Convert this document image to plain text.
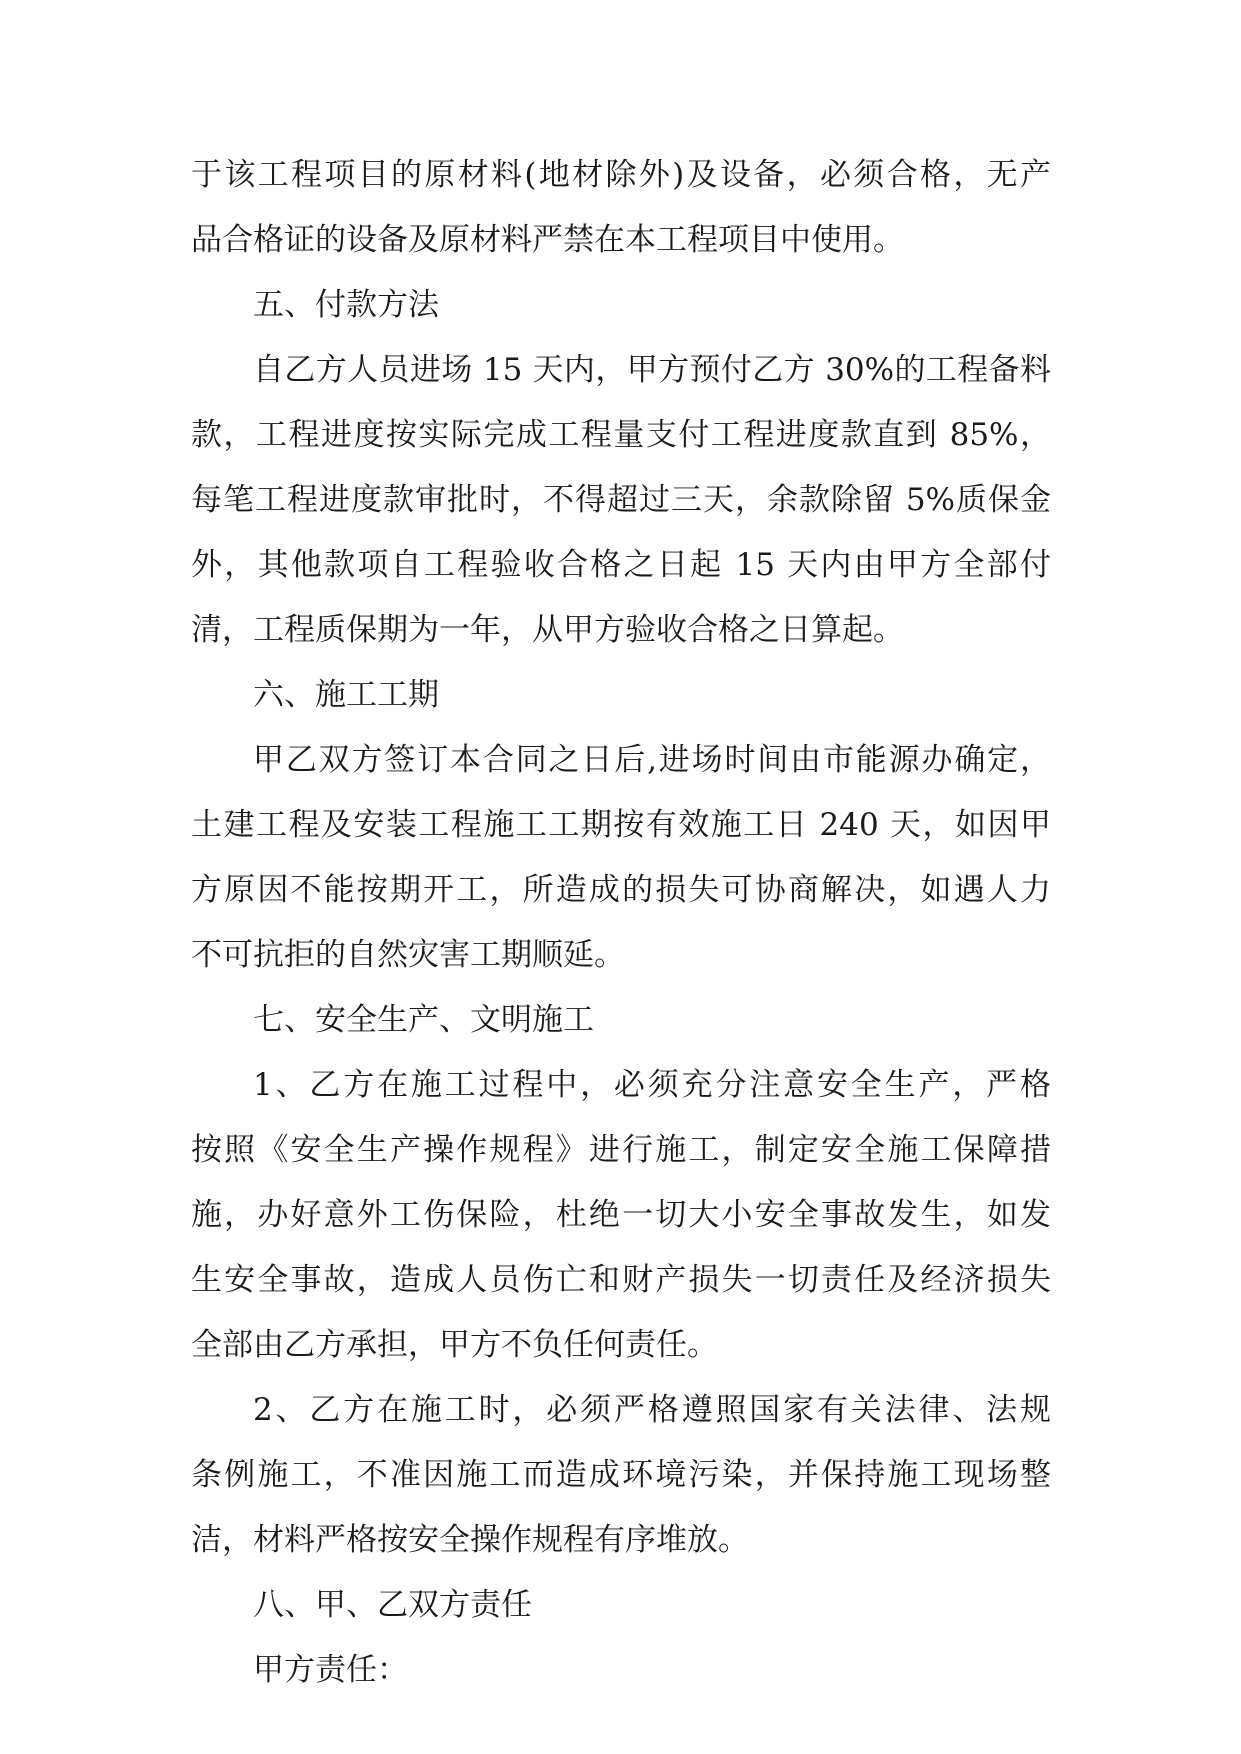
于该工程项目的原材料(地材除外)及设备，必须合格，无产
品合格证的设备及原材料严禁在本工程项目中使用。
五、付款方法
自乙方人员进场 15 天内，甲方预付乙方 30%的工程备料
款，工程进度按实际完成工程量支付工程进度款直到 85%，
每笔工程进度款审批时，不得超过三天，余款除留 5%质保金
外，其他款项自工程验收合格之日起 15 天内由甲方全部付
清，工程质保期为一年，从甲方验收合格之日算起。
六、施工工期
甲乙双方签订本合同之日后,进场时间由市能源办确定，
土建工程及安装工程施工工期按有效施工日 240 天，如因甲
方原因不能按期开工，所造成的损失可协商解决，如遇人力
不可抗拒的自然灾害工期顺延。
七、安全生产、文明施工
1、乙方在施工过程中，必须充分注意安全生产，严格
按照《安全生产操作规程》进行施工，制定安全施工保障措
施，办好意外工伤保险，杜绝一切大小安全事故发生，如发
生安全事故，造成人员伤亡和财产损失一切责任及经济损失
全部由乙方承担，甲方不负任何责任。
2、乙方在施工时，必须严格遵照国家有关法律、法规
条例施工，不准因施工而造成环境污染，并保持施工现场整
洁，材料严格按安全操作规程有序堆放。
八、甲、乙双方责任
甲方责任：
